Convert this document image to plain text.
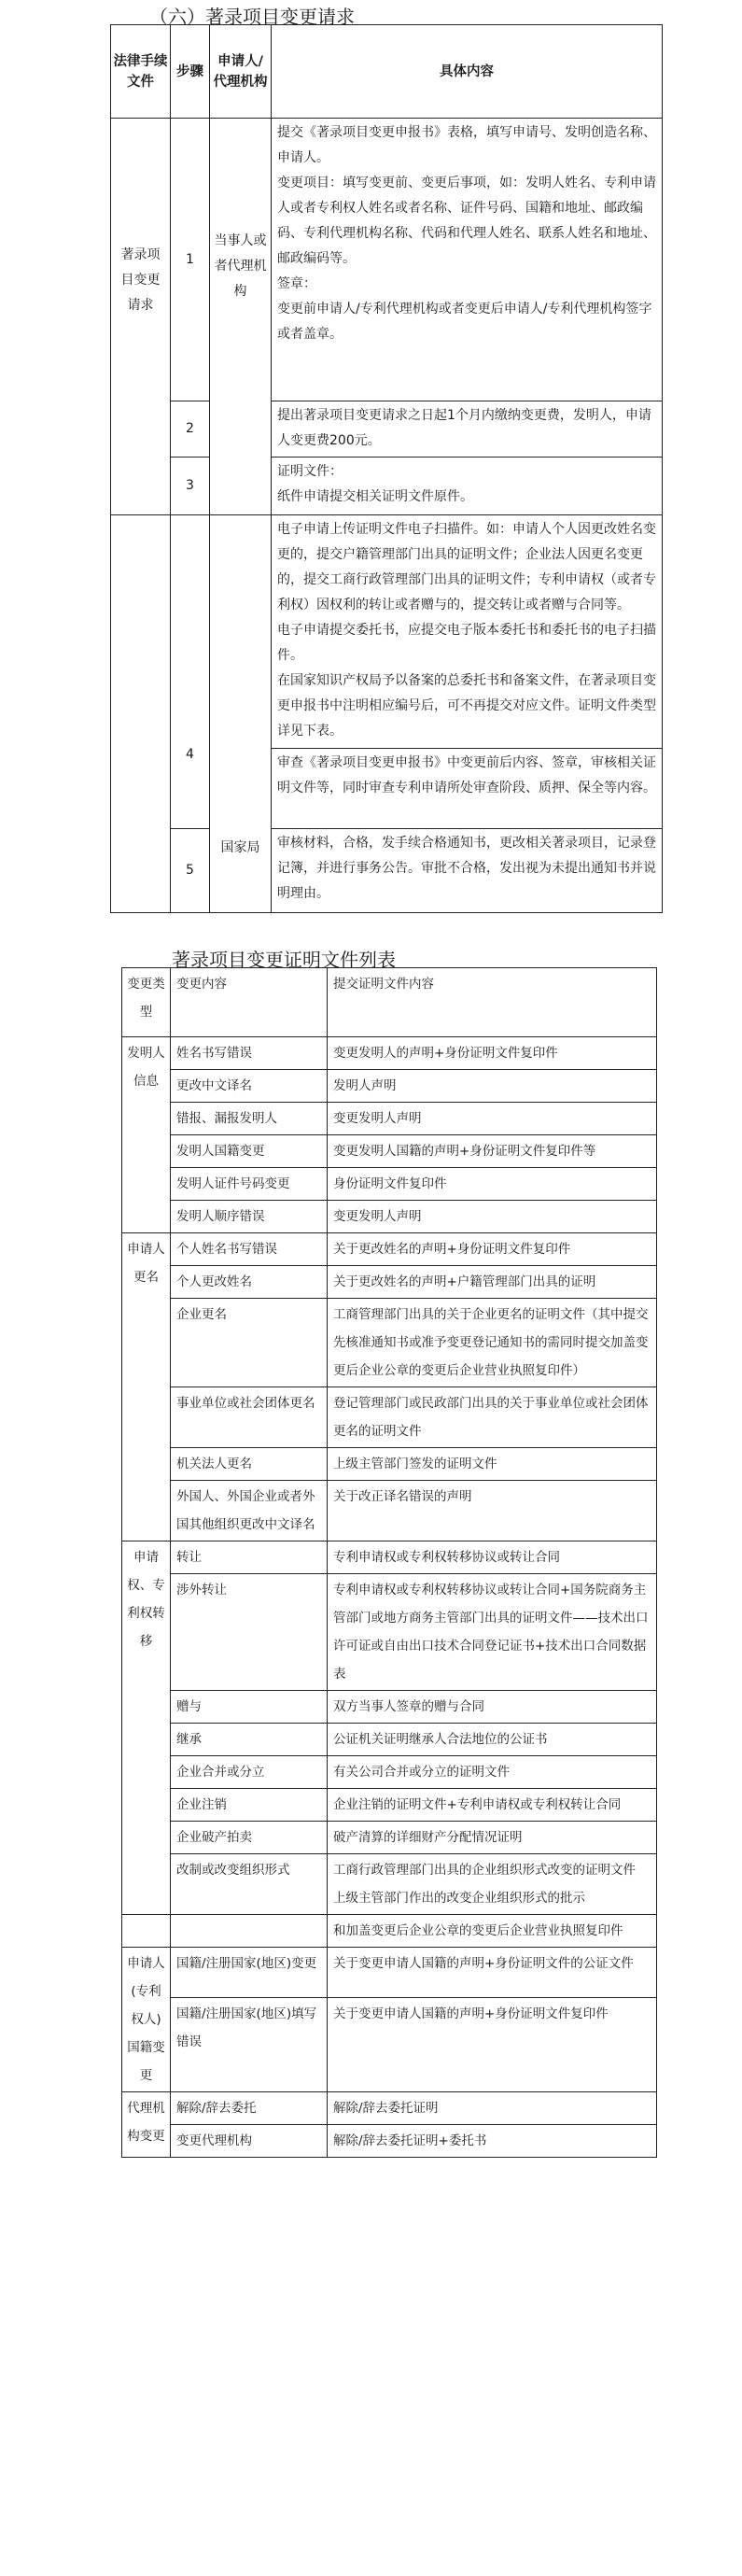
（六）著录项目变更请求
法律手续文件	步骤	申请人/代理机构	具体内容
著录项目变更请求	1	当事人或者代理机构	提交《著录项目变更申报书》表格，填写申请号、发明创造名称、申请人。
变更项目：填写变更前、变更后事项，如：发明人姓名、专利申请人或者专利权人姓名或者名称、证件号码、国籍和地址、邮政编码、专利代理机构名称、代码和代理人姓名、联系人姓名和地址、邮政编码等。
签章：
变更前申请人/专利代理机构或者变更后申请人/专利代理机构签字或者盖章。

	2		提出著录项目变更请求之日起1个月内缴纳变更费，发明人，申请人变更费200元。
	3		证明文件：
纸件申请提交相关证明文件原件。

	4	国家局	电子申请上传证明文件电子扫描件。如：申请人个人因更改姓名变更的，提交户籍管理部门出具的证明文件；企业法人因更名变更的，提交工商行政管理部门出具的证明文件；专利申请权（或者专利权）因权利的转让或者赠与的，提交转让或者赠与合同等。
电子申请提交委托书，应提交电子版本委托书和委托书的电子扫描件。
在国家知识产权局予以备案的总委托书和备案文件，在著录项目变更申报书中注明相应编号后，可不再提交对应文件。证明文件类型详见下表。

			审查《著录项目变更申报书》中变更前后内容、签章，审核相关证明文件等，同时审查专利申请所处审查阶段、质押、保全等内容。
	5		审核材料，合格，发手续合格通知书，更改相关著录项目，记录登记簿，并进行事务公告。审批不合格，发出视为未提出通知书并说明理由。
著录项目变更证明文件列表
变更类型	变更内容	提交证明文件内容
发明人信息	姓名书写错误	变更发明人的声明+身份证明文件复印件
	更改中文译名	发明人声明
	错报、漏报发明人	变更发明人声明
	发明人国籍变更	变更发明人国籍的声明+身份证明文件复印件等
	发明人证件号码变更	身份证明文件复印件
	发明人顺序错误	变更发明人声明
申请人更名	个人姓名书写错误	关于更改姓名的声明+身份证明文件复印件
	个人更改姓名	关于更改姓名的声明+户籍管理部门出具的证明
	企业更名	工商管理部门出具的关于企业更名的证明文件（其中提交先核准通知书或准予变更登记通知书的需同时提交加盖变更后企业公章的变更后企业营业执照复印件）
	事业单位或社会团体更名	登记管理部门或民政部门出具的关于事业单位或社会团体更名的证明文件
	机关法人更名	上级主管部门签发的证明文件
	外国人、外国企业或者外国其他组织更改中文译名	关于改正译名错误的声明
申请权、专利权转移	转让	专利申请权或专利权转移协议或转让合同
	涉外转让	专利申请权或专利权转移协议或转让合同+国务院商务主管部门或地方商务主管部门出具的证明文件——技术出口许可证或自由出口技术合同登记证书+技术出口合同数据表
	赠与	双方当事人签章的赠与合同
	继承	公证机关证明继承人合法地位的公证书
	企业合并或分立	有关公司合并或分立的证明文件
	企业注销	企业注销的证明文件+专利申请权或专利权转让合同
	企业破产拍卖	破产清算的详细财产分配情况证明
	改制或改变组织形式	工商行政管理部门出具的企业组织形式改变的证明文件
上级主管部门作出的改变企业组织形式的批示

		和加盖变更后企业公章的变更后企业营业执照复印件
申请人(专利权人)国籍变更	国籍/注册国家(地区)变更	关于变更申请人国籍的声明+身份证明文件的公证文件
	国籍/注册国家(地区)填写错误	关于变更申请人国籍的声明+身份证明文件复印件
代理机构变更	解除/辞去委托	解除/辞去委托证明
	变更代理机构	解除/辞去委托证明+委托书
